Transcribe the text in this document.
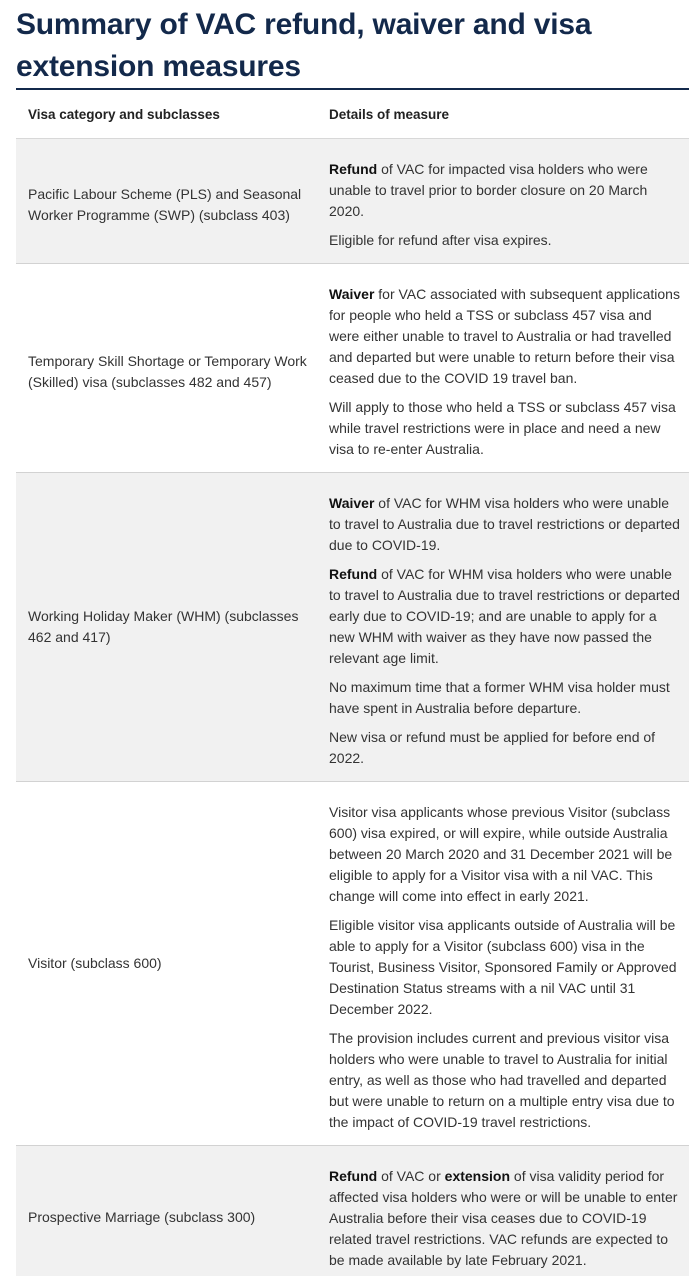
Summary of VAC refund, waiver and visa
extension measures
Visa category and subclasses	Details of measure
Pacific Labour Scheme (PLS) and Seasonal Worker Programme (SWP) (subclass 403)

Refund of VAC for impacted visa holders who were unable to travel prior to border closure on 20 March 2020.

Eligible for refund after visa expires.

Temporary Skill Shortage or Temporary Work (Skilled) visa (subclasses 482 and 457)

Waiver for VAC associated with subsequent applications for people who held a TSS or subclass 457 visa and were either unable to travel to Australia or had travelled and departed but were unable to return before their visa ceased due to the COVID 19 travel ban.

Will apply to those who held a TSS or subclass 457 visa while travel restrictions were in place and need a new visa to re-enter Australia.

Working Holiday Maker (WHM) (subclasses 462 and 417)

Waiver of VAC for WHM visa holders who were unable to travel to Australia due to travel restrictions or departed due to COVID-19.

Refund of VAC for WHM visa holders who were unable to travel to Australia due to travel restrictions or departed early due to COVID-19; and are unable to apply for a new WHM with waiver as they have now passed the relevant age limit.

No maximum time that a former WHM visa holder must have spent in Australia before departure.

New visa or refund must be applied for before end of 2022.

Visitor (subclass 600)

Visitor visa applicants whose previous Visitor (subclass 600) visa expired, or will expire, while outside Australia between 20 March 2020 and 31 December 2021 will be eligible to apply for a Visitor visa with a nil VAC. This change will come into effect in early 2021.

Eligible visitor visa applicants outside of Australia will be able to apply for a Visitor (subclass 600) visa in the Tourist, Business Visitor, Sponsored Family or Approved Destination Status streams with a nil VAC until 31 December 2022.

The provision includes current and previous visitor visa holders who were unable to travel to Australia for initial entry, as well as those who had travelled and departed but were unable to return on a multiple entry visa due to the impact of COVID-19 travel restrictions.

Prospective Marriage (subclass 300)

Refund of VAC or extension of visa validity period for affected visa holders who were or will be unable to enter Australia before their visa ceases due to COVID-19 related travel restrictions. VAC refunds are expected to be made available by late February 2021.
